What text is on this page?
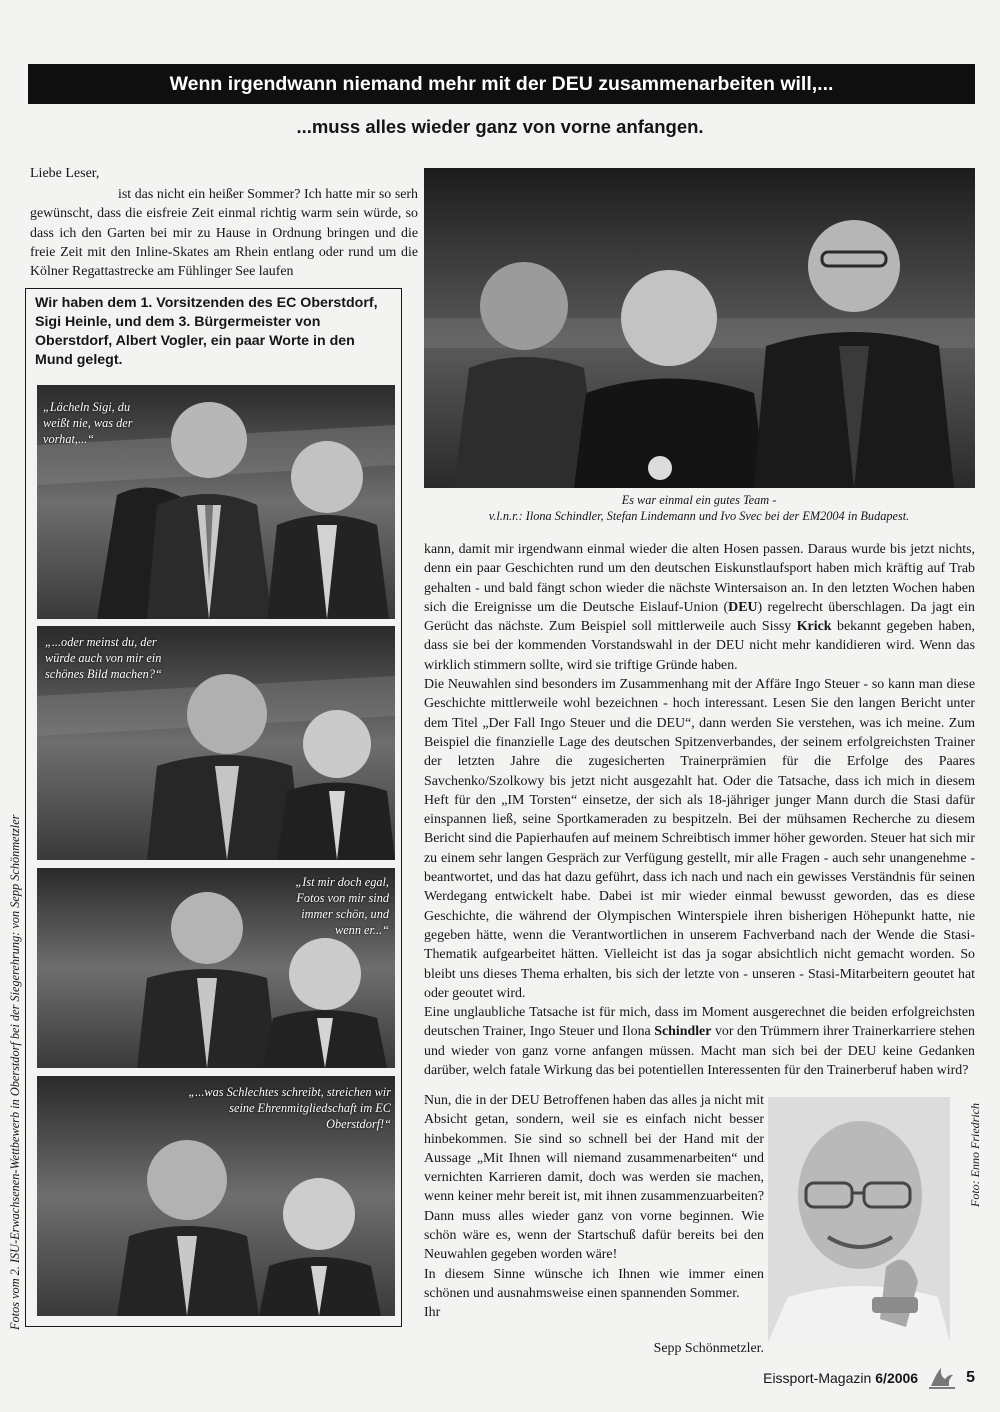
Wenn irgendwann niemand mehr mit der DEU zusammenarbeiten will,...
...muss alles wieder ganz von vorne anfangen.
Liebe Leser,

ist das nicht ein heißer Sommer? Ich hatte mir so serh gewünscht, dass die eisfreie Zeit einmal richtig warm sein würde, so dass ich den Garten bei mir zu Hause in Ordnung bringen und die freie Zeit mit den Inline-Skates am Rhein entlang oder rund um die Kölner Regattastrecke am Fühlinger See laufen

Wir haben dem 1. Vorsitzenden des EC Oberstdorf, Sigi Heinle, und dem 3. Bürgermeister von Oberstdorf, Albert Vogler, ein paar Worte in den Mund gelegt.
„Lächeln Sigi, du weißt nie, was der vorhat,...“
„...oder meinst du, der würde auch von mir ein schönes Bild machen?“
„Ist mir doch egal, Fotos von mir sind immer schön, und wenn er...“
„...was Schlechtes schreibt, streichen wir seine Ehrenmitgliedschaft im EC Oberstdorf!“
Fotos vom 2. ISU-Erwachsenen-Wettbewerb in Oberstdorf bei der Siegerehrung: von Sepp Schönmetzler
Es war einmal ein gutes Team -
v.l.n.r.: Ilona Schindler, Stefan Lindemann und Ivo Svec bei der EM2004 in Budapest.

kann, damit mir irgendwann einmal wieder die alten Hosen passen. Daraus wurde bis jetzt nichts, denn ein paar Geschichten rund um den deutschen Eiskunstlaufsport haben mich kräftig auf Trab gehalten - und bald fängt schon wieder die nächste Wintersaison an. In den letzten Wochen haben sich die Ereignisse um die Deutsche Eislauf-Union (DEU) regelrecht überschlagen. Da jagt ein Gerücht das nächste. Zum Beispiel soll mittlerweile auch Sissy Krick bekannt gegeben haben, dass sie bei der kommenden Vorstandswahl in der DEU nicht mehr kandidieren wird. Wenn das wirklich stimmern sollte, wird sie triftige Gründe haben.

Die Neuwahlen sind besonders im Zusammenhang mit der Affäre Ingo Steuer - so kann man diese Geschichte mittlerweile wohl bezeichnen - hoch interessant. Lesen Sie den langen Bericht unter dem Titel „Der Fall Ingo Steuer und die DEU“, dann werden Sie verstehen, was ich meine. Zum Beispiel die finanzielle Lage des deutschen Spitzenverbandes, der seinem erfolgreichsten Trainer der letzten Jahre die zugesicherten Trainerprämien für die Erfolge des Paares Savchenko/Szolkowy bis jetzt nicht ausgezahlt hat. Oder die Tatsache, dass ich mich in diesem Heft für den „IM Torsten“ einsetze, der sich als 18-jähriger junger Mann durch die Stasi dafür einspannen ließ, seine Sportkameraden zu bespitzeln. Bei der mühsamen Recherche zu diesem Bericht sind die Papierhaufen auf meinem Schreibtisch immer höher geworden. Steuer hat sich mir zu einem sehr langen Gespräch zur Verfügung gestellt, mir alle Fragen - auch sehr unangenehme - beantwortet, und das hat dazu geführt, dass ich nach und nach ein gewisses Verständnis für seinen Werdegang entwickelt habe. Dabei ist mir wieder einmal bewusst geworden, das es diese Geschichte, die während der Olympischen Winterspiele ihren bisherigen Höhepunkt hatte, nie gegeben hätte, wenn die Verantwortlichen in unserem Fachverband nach der Wende die Stasi-Thematik aufgearbeitet hätten. Vielleicht ist das ja sogar absichtlich nicht gemacht worden. So bleibt uns dieses Thema erhalten, bis sich der letzte von - unseren - Stasi-Mitarbeitern geoutet hat oder geoutet wird.

Eine unglaubliche Tatsache ist für mich, dass im Moment ausgerechnet die beiden erfolgreichsten deutschen Trainer, Ingo Steuer und Ilona Schindler vor den Trümmern ihrer Trainerkarriere stehen und wieder von ganz vorne anfangen müssen. Macht man sich bei der DEU keine Gedanken darüber, welch fatale Wirkung das bei potentiellen Interessenten für den Trainerberuf haben wird?

Nun, die in der DEU Betroffenen haben das alles ja nicht mit Absicht getan, sondern, weil sie es einfach nicht besser hinbekommen. Sie sind so schnell bei der Hand mit der Aussage „Mit Ihnen will niemand zusammenarbeiten“ und vernichten Karrieren damit, doch was werden sie machen, wenn keiner mehr bereit ist, mit ihnen zusammenzuarbeiten? Dann muss alles wieder ganz von vorne beginnen. Wie schön wäre es, wenn der Startschuß dafür bereits bei den Neuwahlen gegeben worden wäre!

In diesem Sinne wünsche ich Ihnen wie immer einen schönen und ausnahmsweise einen spannenden Sommer.

Ihr

Sepp Schönmetzler.

Foto: Enno Friedrich
Eissport-Magazin 6/2006	5
